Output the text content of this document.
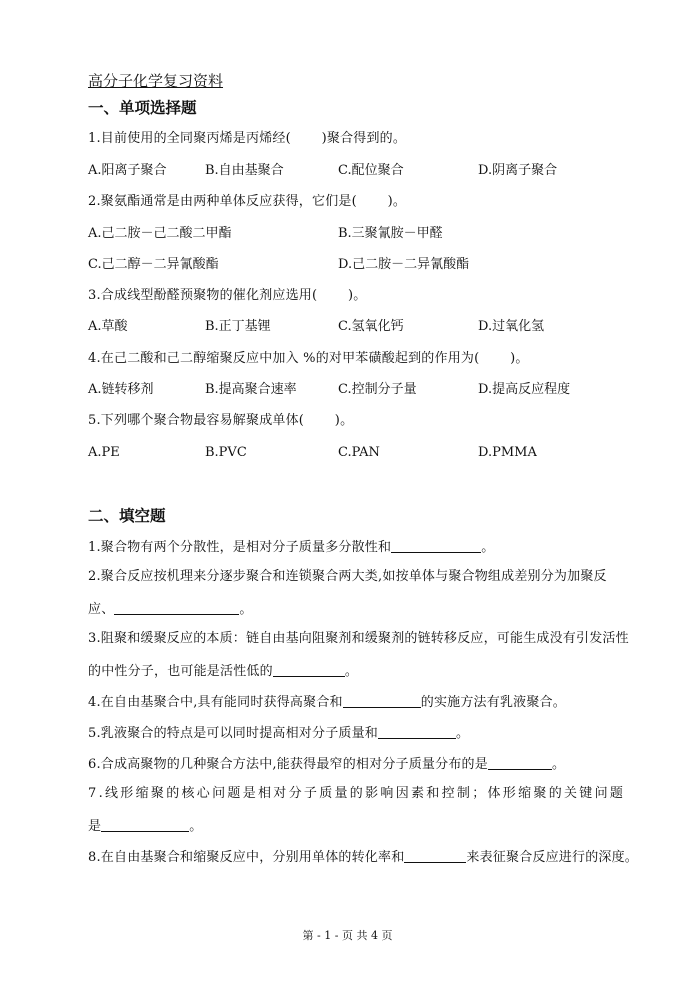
高分子化学复习资料
一、单项选择题
1.目前使用的全同聚丙烯是丙烯经(　　 )聚合得到的。
A.阳离子聚合	B.自由基聚合	C.配位聚合	D.阴离子聚合
2.聚氨酯通常是由两种单体反应获得，它们是(　　 )。
A.己二胺－己二酸二甲酯	B.三聚氰胺－甲醛
C.己二醇－二异氰酸酯	D.己二胺－二异氰酸酯
3.合成线型酚醛预聚物的催化剂应选用(　　 )。
A.草酸	B.正丁基锂	C.氢氧化钙	D.过氧化氢
4.在己二酸和己二醇缩聚反应中加入 %的对甲苯磺酸起到的作用为(　　 )。
A.链转移剂	B.提高聚合速率	C.控制分子量	D.提高反应程度
5.下列哪个聚合物最容易解聚成单体(　　 )。
A.PE	B.PVC	C.PAN	D.PMMA
二、填空题
1.聚合物有两个分散性，是相对分子质量多分散性和	。
2.聚合反应按机理来分逐步聚合和连锁聚合两大类,如按单体与聚合物组成差别分为加聚反
应、	。
3.阻聚和缓聚反应的本质：链自由基向阻聚剂和缓聚剂的链转移反应，可能生成没有引发活性
的中性分子，也可能是活性低的	。
4.在自由基聚合中,具有能同时获得高聚合和	的实施方法有乳液聚合。
5.乳液聚合的特点是可以同时提高相对分子质量和	。
6.合成高聚物的几种聚合方法中,能获得最窄的相对分子质量分布的是	。
7.线形缩聚的核心问题是相对分子质量的影响因素和控制；体形缩聚的关键问题
是	。
8.在自由基聚合和缩聚反应中，分别用单体的转化率和	来表征聚合反应进行的深度。
第 - 1 - 页 共 4 页
